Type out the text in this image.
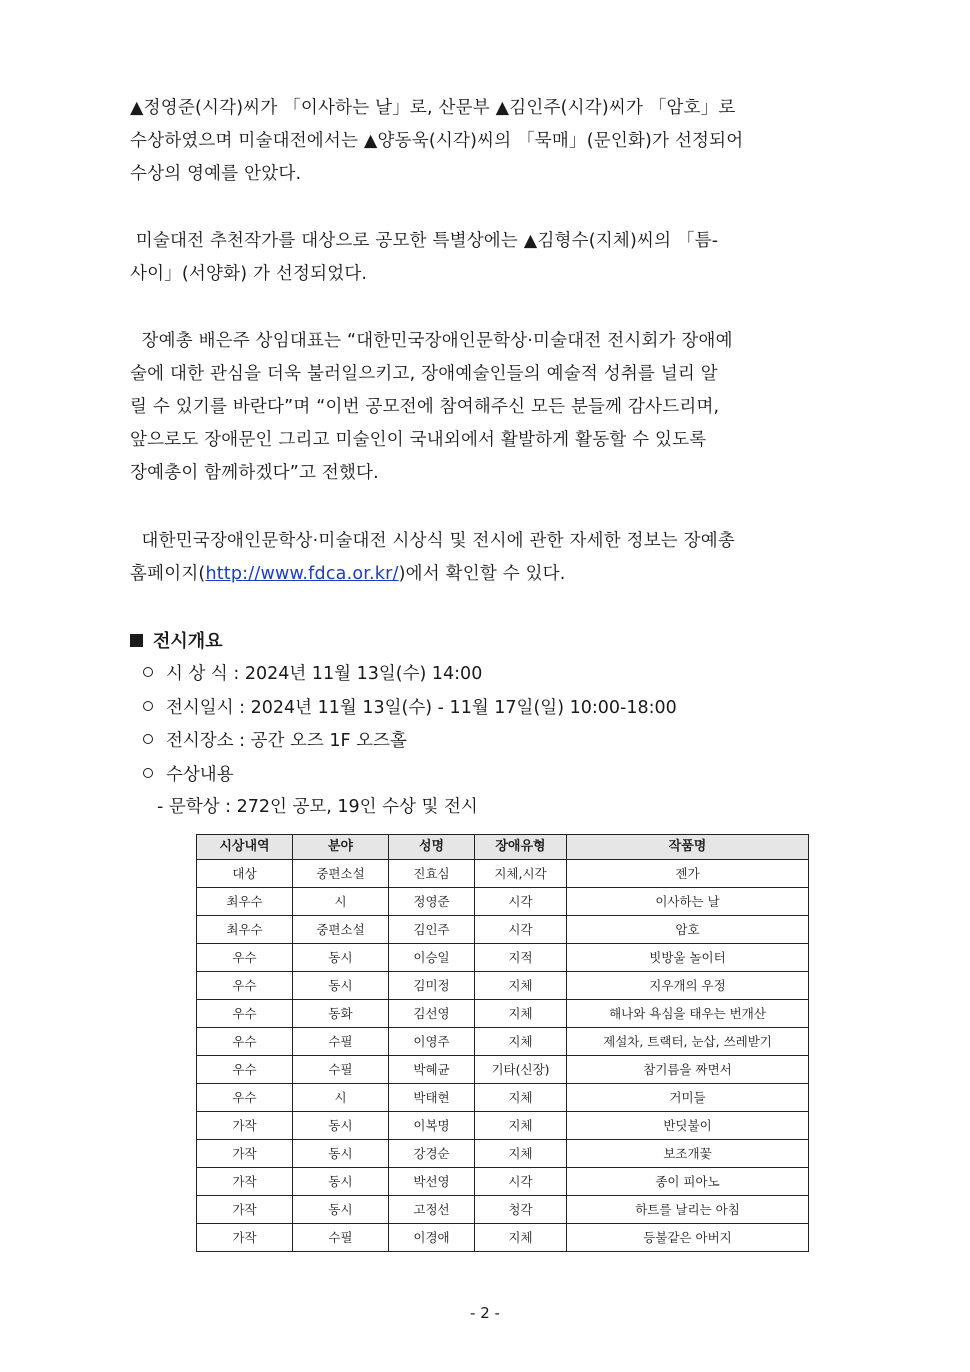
▲정영준(시각)씨가 「이사하는 날」로, 산문부 ▲김인주(시각)씨가 「암호」로
수상하였으며 미술대전에서는 ▲양동욱(시각)씨의 「묵매」(문인화)가 선정되어
수상의 영예를 안았다.

미술대전 추천작가를 대상으로 공모한 특별상에는 ▲김형수(지체)씨의 「틈-
사이」(서양화) 가 선정되었다.

장예총 배은주 상임대표는 “대한민국장애인문학상·미술대전 전시회가 장애예
술에 대한 관심을 더욱 불러일으키고, 장애예술인들의 예술적 성취를 널리 알
릴 수 있기를 바란다”며 “이번 공모전에 참여해주신 모든 분들께 감사드리며,
앞으로도 장애문인 그리고 미술인이 국내외에서 활발하게 활동할 수 있도록
장예총이 함께하겠다”고 전했다.

대한민국장애인문학상·미술대전 시상식 및 전시에 관한 자세한 정보는 장예총
홈페이지(http://www.fdca.or.kr/)에서 확인할 수 있다.

전시개요
시 상 식 : 2024년 11월 13일(수) 14:00
전시일시 : 2024년 11월 13일(수) - 11월 17일(일) 10:00-18:00
전시장소 : 공간 오즈 1F 오즈홀
수상내용
- 문학상 : 272인 공모, 19인 수상 및 전시
시상내역	분야	성명	장애유형	작품명
대상	중편소설	진효심	지체,시각	젠가
최우수	시	정영준	시각	이사하는 날
최우수	중편소설	김인주	시각	암호
우수	동시	이승일	지적	빗방울 놀이터
우수	동시	김미정	지체	지우개의 우정
우수	동화	김선영	지체	해나와 욕심을 태우는 번개산
우수	수필	이영주	지체	제설차, 트랙터, 눈삽, 쓰레받기
우수	수필	박혜균	기타(신장)	참기름을 짜면서
우수	시	박태현	지체	거미들
가작	동시	이복명	지체	반딧불이
가작	동시	강경순	지체	보조개꽃
가작	동시	박선영	시각	종이 피아노
가작	동시	고정선	청각	하트를 날리는 아침
가작	수필	이경애	지체	등불같은 아버지
- 2 -
